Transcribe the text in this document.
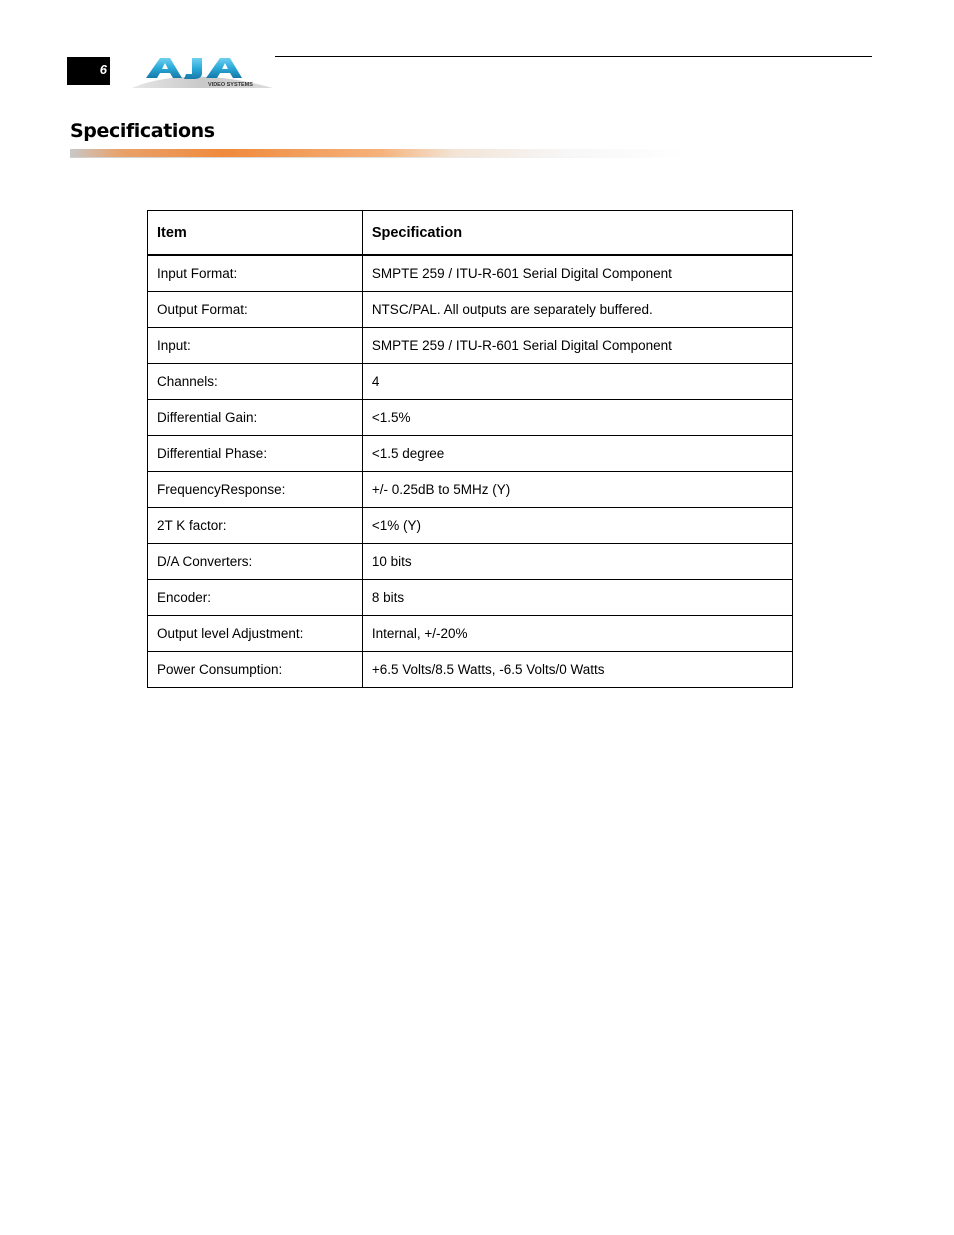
6
VIDEO SYSTEMS
Specifications
Item	Specification
Input Format:	SMPTE 259 / ITU-R-601 Serial Digital Component
Output Format:	NTSC/PAL. All outputs are separately buffered.
Input:	SMPTE 259 / ITU-R-601 Serial Digital Component
Channels:	4
Differential Gain:	<1.5%
Differential Phase:	<1.5 degree
FrequencyResponse:	+/- 0.25dB to 5MHz (Y)
2T K factor:	<1% (Y)
D/A Converters:	10 bits
Encoder:	8 bits
Output level Adjustment:	Internal, +/-20%
Power Consumption:	+6.5 Volts/8.5 Watts, -6.5 Volts/0 Watts
